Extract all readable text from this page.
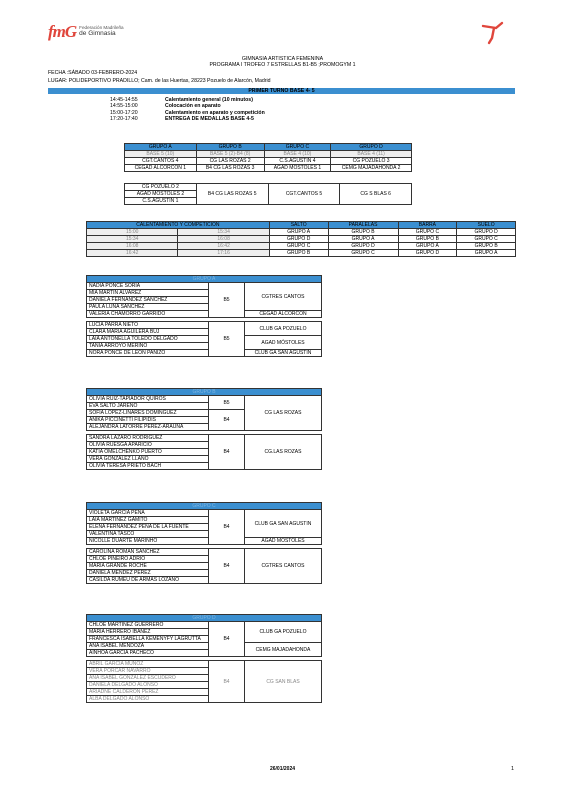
fmG Federación Madrileña
de Gimnasia
GIMNASIA ARTISTICA FEMENINA
PROGRAMA I TROFEO 7 ESTRELLAS B1-B5 ;PROMOGYM 1
FECHA :SÁBADO 03-FEBRERO-2024
LUGAR: POLIDEPORTIVO PRADILLO; Cam. de las Huertas, 28223 Pozuelo de Alarcón, Madrid
PRIMER TURNO BASE 4- 5
14:45-14:55	Calentamiento general (10 minutos)
14:55-15:00	Colocación en aparato
15:00-17:20	Calentamiento en aparato y competición
17:20-17:40	ENTREGA DE MEDALLAS BASE 4-5
GRUPO A	GRUPO B	GRUPO C	GRUPO D
BASE 5 (10)	BASE 5 (2)-B4 (8)	BASE 4 (10)	BASE 4 (11)
CGT.CANTOS 4	CG LAS ROZAS 2	C.S.AGUSTIN 4	CG POZUELO 3
CEGAD ALCORCON 1	B4 CG LAS ROZAS 3	AGAD MOSTOLES 1	CEMG MAJADAHONDA 2
CG POZUELO 2	B4 CG LAS ROZAS 5	CGT.CANTOS 5	CG S BLAS 6
AGAD MOSTOLES 2
C.S.AGUSTIN 1
CALENTAMIENTO Y COMPETICIÓN		SALTO	PARALELAS	BARRA	SUELO
15:00	15:34	GRUPO A	GRUPO B	GRUPO C	GRUPO D
15:34	16:08	GRUPO D	GRUPO A	GRUPO B	GRUPO C
16:08	16:42	GRUPO C	GRUPO D	GRUPO A	GRUPO B
16:42	17:16	GRUPO B	GRUPO C	GRUPO D	GRUPO A
GRUPO A		
NADIA PONCE SORIA	B5	CGTRES CANTOS
MIA MARTIN ALVAREZ		
DANIELA FERNANDEZ SANCHEZ		
PAULA LUNA SANCHEZ		
VALERIA CHAMORRO GARRIDO		CEGAD ALCORCON

LUCIA PARRA NIETO	B5	CLUB GA POZUELO
CLARA MARIA AGUILERA BUJ		
LAIA ANTONELLA TOLEDO DELGADO		AGAD MÓSTOLES
TANIA ARROYO MERINO		
NORA PONCE DE LEON PANIZO		CLUB GA SAN AGUSTIN
GRUPO B		
OLIVIA RUIZ-TAPIADOR QUIROS	B5	CG LAS ROZAS
EVA SALTO JAREÑO		
SOFIA LOPEZ-LINARES DOMINGUEZ	B4	
ANIKA PICCINETTI FILIPIDIS		
ALEJANDRA LATORRE PEREZ-ARAUNA		

SANDRA LÁZARO RODRIGUEZ	B4	CG.LAS ROZAS
OLIVIA RUESGA APARICIO		
KATIA OMELCHENKO PUERTO		
VERA GONZALEZ LLANO		
OLIVIA TERESA PRIETO BACH		
GRUPO C		
VIOLETA GARCIA PEÑA	B4	CLUB GA SAN AGUSTIN
LAIA MARTÍNEZ GAMITO		
ELENA FERNANDEZ PEÑA DE LA FUENTE		
VALENTINA TASCO		
NICOLLE DUARTE MARINHO		AGAD MÓSTOLES

CAROLINA ROMAN SANCHEZ	B4	CGTRES CANTOS
CHLOE PIÑEIRO ADRIO		
MARIA GRANDE ROCHE		
DANIELA MENDEZ PEREZ		
CASILDA RUMEU DE ARMAS LOZANO		
GRUPO D		
CHLOE MARTINEZ GUERRERO	B4	CLUB GA POZUELO
MARIA HERRERO IBAÑEZ		
FRANCESCA ISABELLA KEMENYFY LAGRUTTA		
ANA ISABEL MENDOZA		CEMG MAJADAHONDA
AINHOA GARCIA PACHECO		

ABRIL GARCIA MUÑOZ	B4	CG SAN BLAS
VERA PORCAR NAVARRO		
ANA ISABEL GONZALEZ ESCUDERO		
DANIELA DELGADO ALONSO		
ARIADNE CALDERON PEREZ		
ALBA DELGADO ALONSO		
26/01/2024	1
